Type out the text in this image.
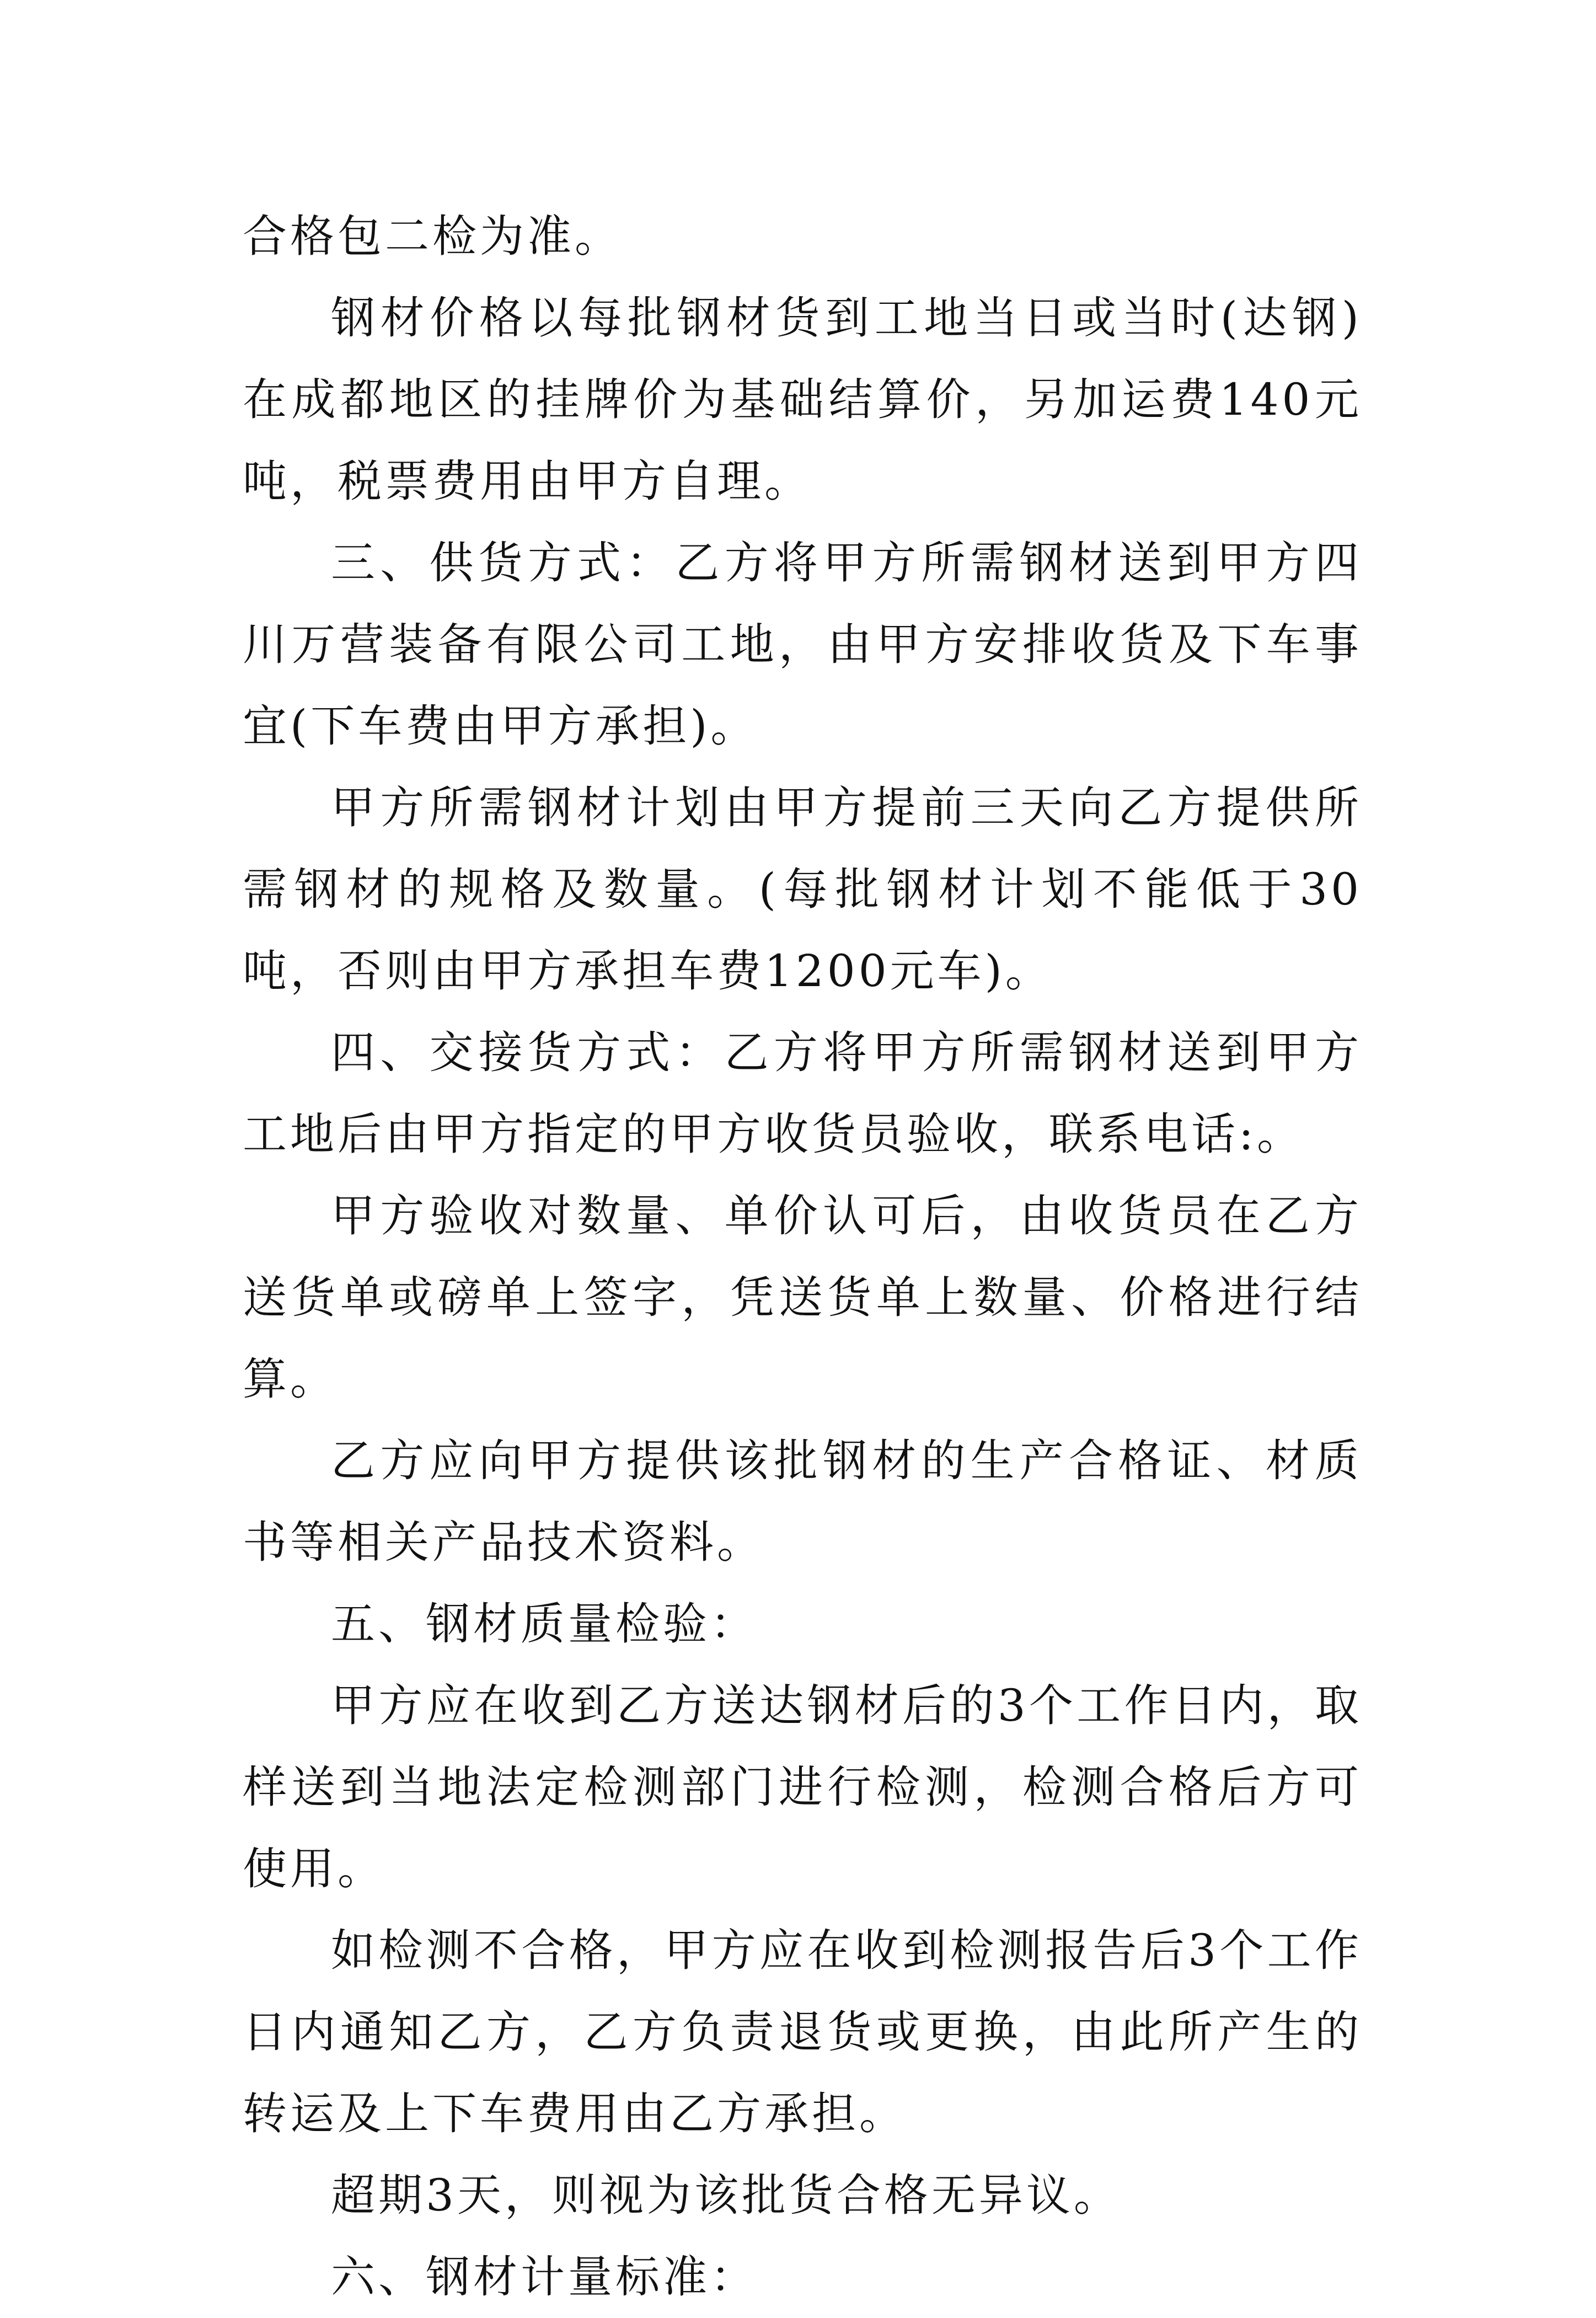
合格包二检为准。

钢材价格以每批钢材货到工地当日或当时(达钢)在成都地区的挂牌价为基础结算价，另加运费140元吨，税票费用由甲方自理。

三、供货方式：乙方将甲方所需钢材送到甲方四川万营装备有限公司工地，由甲方安排收货及下车事宜(下车费由甲方承担)。

甲方所需钢材计划由甲方提前三天向乙方提供所需钢材的规格及数量。(每批钢材计划不能低于30吨，否则由甲方承担车费1200元车)。

四、交接货方式：乙方将甲方所需钢材送到甲方工地后由甲方指定的甲方收货员验收，联系电话:。

甲方验收对数量、单价认可后，由收货员在乙方送货单或磅单上签字，凭送货单上数量、价格进行结算。

乙方应向甲方提供该批钢材的生产合格证、材质书等相关产品技术资料。

五、钢材质量检验：

甲方应在收到乙方送达钢材后的3个工作日内，取样送到当地法定检测部门进行检测，检测合格后方可使用。

如检测不合格，甲方应在收到检测报告后3个工作日内通知乙方，乙方负责退货或更换，由此所产生的转运及上下车费用由乙方承担。

超期3天，则视为该批货合格无异议。

六、钢材计量标准：
